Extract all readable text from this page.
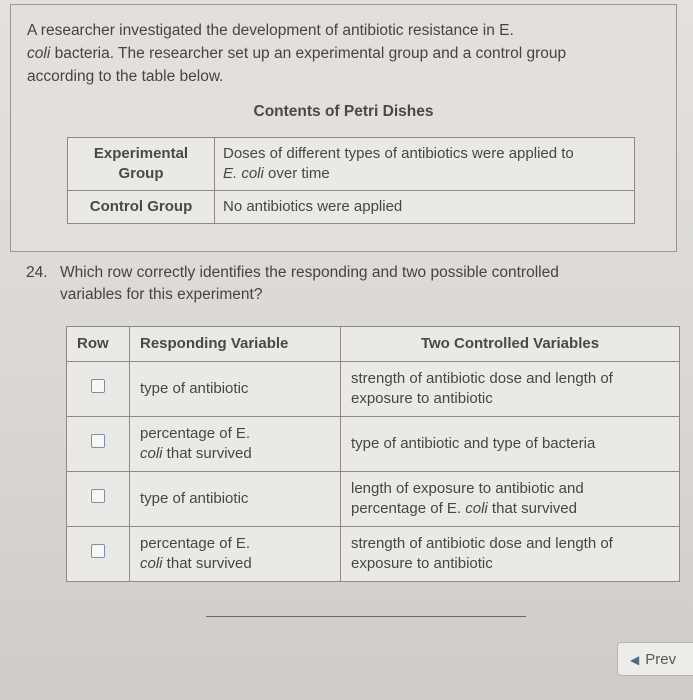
A researcher investigated the development of antibiotic resistance in E.
coli bacteria. The researcher set up an experimental group and a control group
according to the table below.
Contents of Petri Dishes
Experimental
Group	Doses of different types of antibiotics were applied to
E. coli over time
Control Group	No antibiotics were applied
24. Which row correctly identifies the responding and two possible controlled
variables for this experiment?
Row	Responding Variable	Two Controlled Variables
	type of antibiotic	strength of antibiotic dose and length of
exposure to antibiotic
	percentage of E.
coli that survived	type of antibiotic and type of bacteria
	type of antibiotic	length of exposure to antibiotic and
percentage of E. coli that survived
	percentage of E.
coli that survived	strength of antibiotic dose and length of
exposure to antibiotic
◀ Prev
